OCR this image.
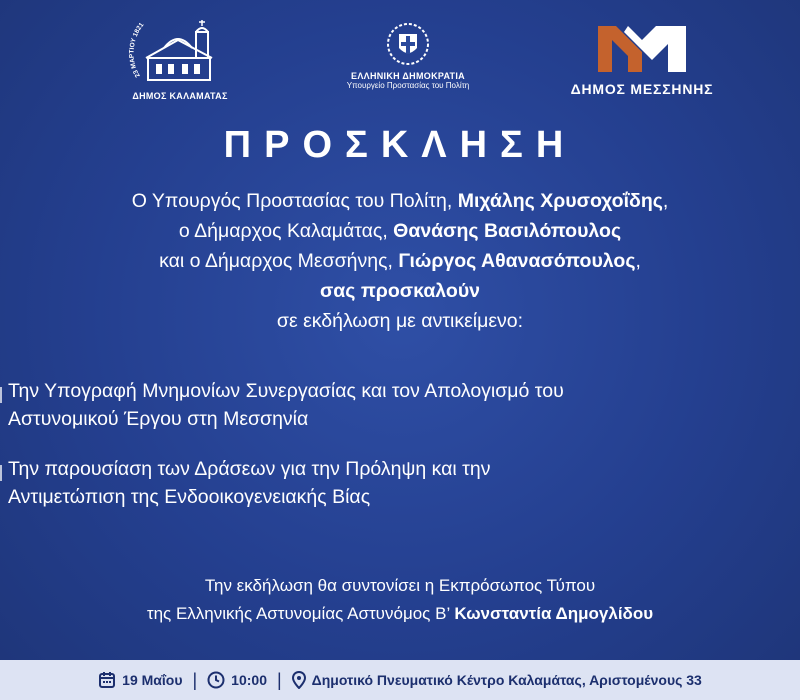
23 ΜΑΡΤΙΟΥ 1821
ΔΗΜΟΣ ΚΑΛΑΜΑΤΑΣ
ΕΛΛΗΝΙΚΗ ΔΗΜΟΚΡΑΤΙΑ
Υπουργείο Προστασίας του Πολίτη	ΔΗΜΟΣ ΜΕΣΣΗΝΗΣ
ΠΡΟΣΚΛΗΣΗ
Ο Υπουργός Προστασίας του Πολίτη, Μιχάλης Χρυσοχοΐδης,
ο Δήμαρχος Καλαμάτας, Θανάσης Βασιλόπουλος
και ο Δήμαρχος Μεσσήνης, Γιώργος Αθανασόπουλος,
σας προσκαλούν
σε εκδήλωση με αντικείμενο:
Την Υπογραφή Μνημονίων Συνεργασίας και τον Απολογισμό του
Αστυνομικού Έργου στη Μεσσηνία
Την παρουσίαση των Δράσεων για την Πρόληψη και την
Αντιμετώπιση της Ενδοοικογενειακής Βίας
Την εκδήλωση θα συντονίσει η Εκπρόσωπος Τύπου
της Ελληνικής Αστυνομίας Αστυνόμος Β’ Κωνσταντία Δημογλίδου
19 Μαΐου | 10:00 | Δημοτικό Πνευματικό Κέντρο Καλαμάτας, Αριστομένους 33
